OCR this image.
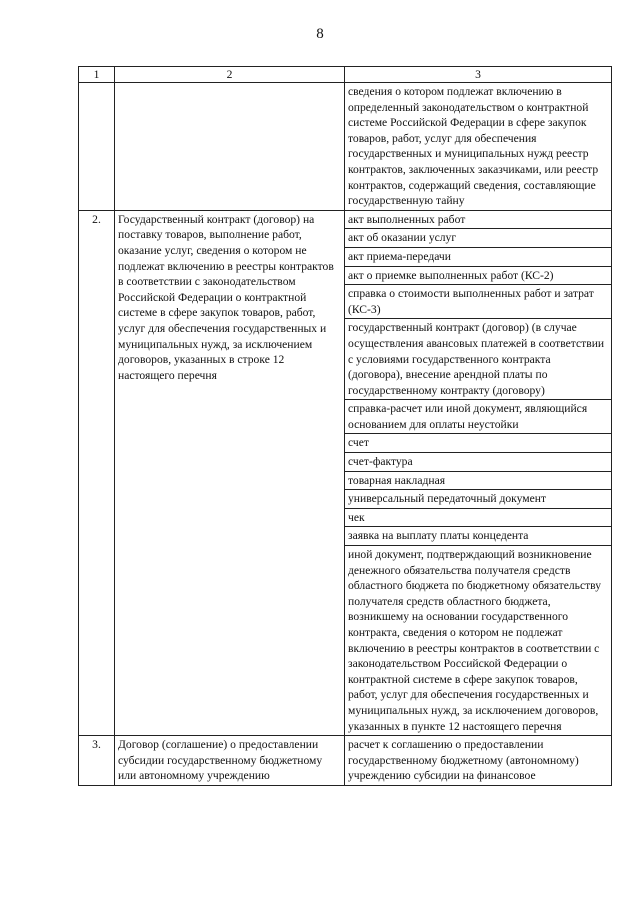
8
1	2	3
		сведения о котором подлежат включению в определенный законодательством о контрактной системе Российской Федерации в сфере закупок товаров, работ, услуг для обеспечения государственных и муниципальных нужд реестр контрактов, заключенных заказчиками, или реестр контрактов, содержащий сведения, составляющие государственную тайну
2.	Государственный контракт (договор) на поставку товаров, выполнение работ, оказание услуг, сведения о котором не подлежат включению в реестры контрактов в соответствии с законодательством Российской Федерации о контрактной системе в сфере закупок товаров, работ, услуг для обеспечения государственных и муниципальных нужд, за исключением договоров, указанных в строке 12 настоящего перечня	акт выполненных работ
		акт об оказании услуг
		акт приема-передачи
		акт о приемке выполненных работ (КС-2)
		справка о стоимости выполненных работ и затрат (КС-3)
		государственный контракт (договор) (в случае осуществления авансовых платежей в соответствии с условиями государственного контракта (договора), внесение арендной платы по государственному контракту (договору)
		справка-расчет или иной документ, являющийся основанием для оплаты неустойки
		счет
		счет-фактура
		товарная накладная
		универсальный передаточный документ
		чек
		заявка на выплату платы концедента
		иной документ, подтверждающий возникновение денежного обязательства получателя средств областного бюджета по бюджетному обязательству получателя средств областного бюджета, возникшему на основании государственного контракта, сведения о котором не подлежат включению в реестры контрактов в соответствии с законодательством Российской Федерации о контрактной системе в сфере закупок товаров, работ, услуг для обеспечения государственных и муниципальных нужд, за исключением договоров, указанных в пункте 12 настоящего перечня
3.	Договор (соглашение) о предоставлении субсидии государственному бюджетному или автономному учреждению	расчет к соглашению о предоставлении государственному бюджетному (автономному) учреждению субсидии на финансовое
